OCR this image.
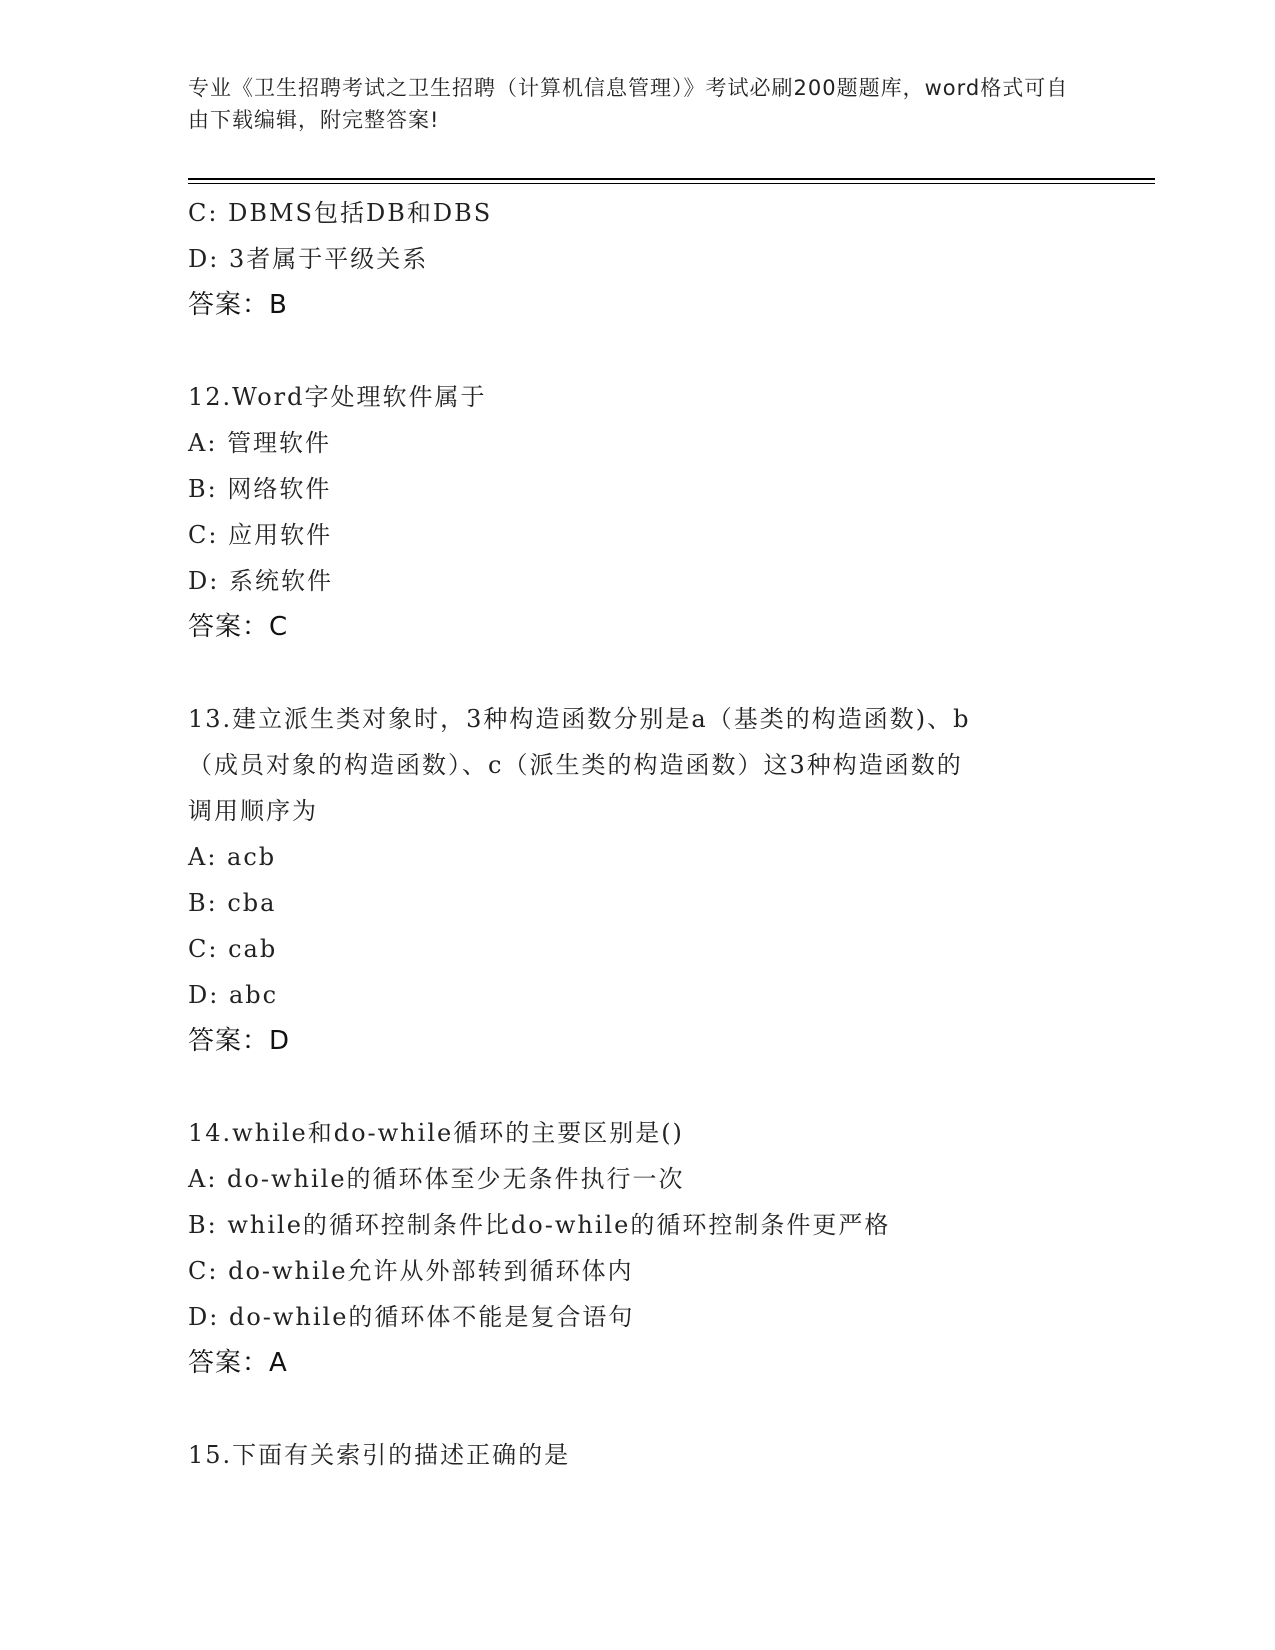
专业《卫生招聘考试之卫生招聘（计算机信息管理）》考试必刷200题题库，word格式可自由下载编辑，附完整答案!
C: DBMS包括DB和DBS
D: 3者属于平级关系
答案：B
12.Word字处理软件属于
A: 管理软件
B: 网络软件
C: 应用软件
D: 系统软件
答案：C
13.建立派生类对象时，3种构造函数分别是a（基类的构造函数)、b
（成员对象的构造函数）、c（派生类的构造函数）这3种构造函数的
调用顺序为
A: acb
B: cba
C: cab
D: abc
答案：D
14.while和do-while循环的主要区别是()
A: do-while的循环体至少无条件执行一次
B: while的循环控制条件比do-while的循环控制条件更严格
C: do-while允许从外部转到循环体内
D: do-while的循环体不能是复合语句
答案：A
15.下面有关索引的描述正确的是
